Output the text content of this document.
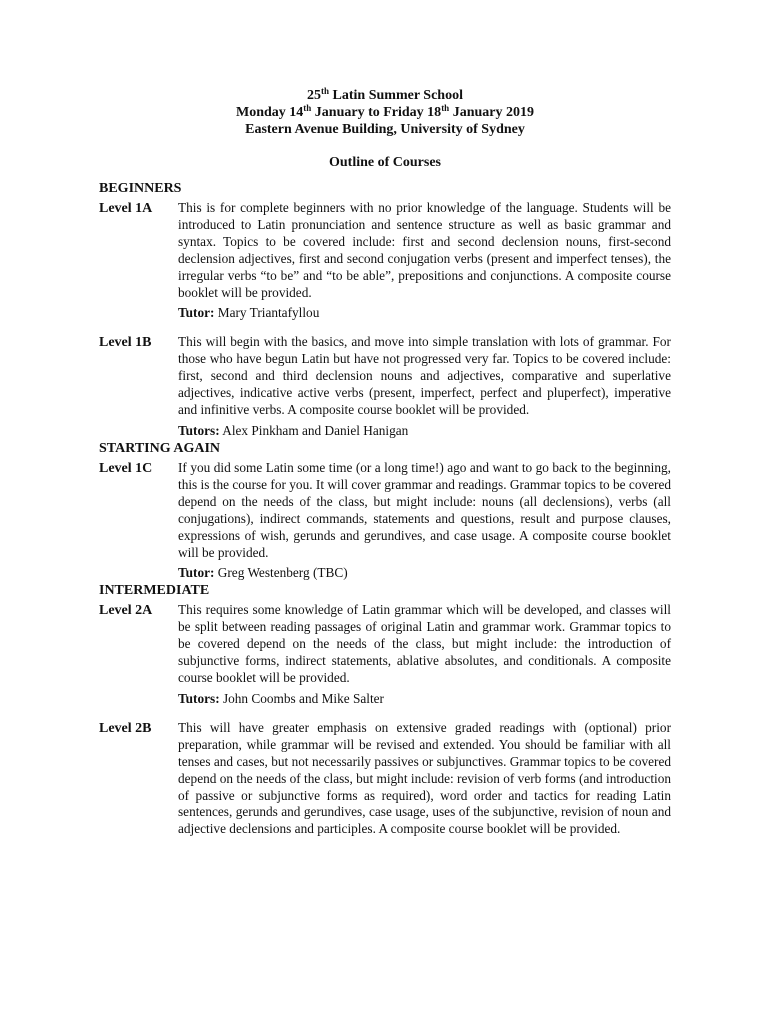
25th Latin Summer School
Monday 14th January to Friday 18th January 2019
Eastern Avenue Building, University of Sydney
Outline of Courses

BEGINNERS

Level 1A This is for complete beginners with no prior knowledge of the language. Students will be introduced to Latin pronunciation and sentence structure as well as basic grammar and syntax. Topics to be covered include: first and second declension nouns, first-second declension adjectives, first and second conjugation verbs (present and imperfect tenses), the irregular verbs “to be” and “to be able”, prepositions and conjunctions. A composite course booklet will be provided.

Tutor: Mary Triantafyllou

Level 1B This will begin with the basics, and move into simple translation with lots of grammar. For those who have begun Latin but have not progressed very far. Topics to be covered include: first, second and third declension nouns and adjectives, comparative and superlative adjectives, indicative active verbs (present, imperfect, perfect and pluperfect), imperative and infinitive verbs. A composite course booklet will be provided.

Tutors: Alex Pinkham and Daniel Hanigan

STARTING AGAIN

Level 1C If you did some Latin some time (or a long time!) ago and want to go back to the beginning, this is the course for you. It will cover grammar and readings. Grammar topics to be covered depend on the needs of the class, but might include: nouns (all declensions), verbs (all conjugations), indirect commands, statements and questions, result and purpose clauses, expressions of wish, gerunds and gerundives, and case usage. A composite course booklet will be provided.

Tutor: Greg Westenberg (TBC)

INTERMEDIATE

Level 2A This requires some knowledge of Latin grammar which will be developed, and classes will be split between reading passages of original Latin and grammar work. Grammar topics to be covered depend on the needs of the class, but might include: the introduction of subjunctive forms, indirect statements, ablative absolutes, and conditionals. A composite course booklet will be provided.

Tutors: John Coombs and Mike Salter

Level 2B This will have greater emphasis on extensive graded readings with (optional) prior preparation, while grammar will be revised and extended. You should be familiar with all tenses and cases, but not necessarily passives or subjunctives. Grammar topics to be covered depend on the needs of the class, but might include: revision of verb forms (and introduction of passive or subjunctive forms as required), word order and tactics for reading Latin sentences, gerunds and gerundives, case usage, uses of the subjunctive, revision of noun and adjective declensions and participles. A composite course booklet will be provided.
